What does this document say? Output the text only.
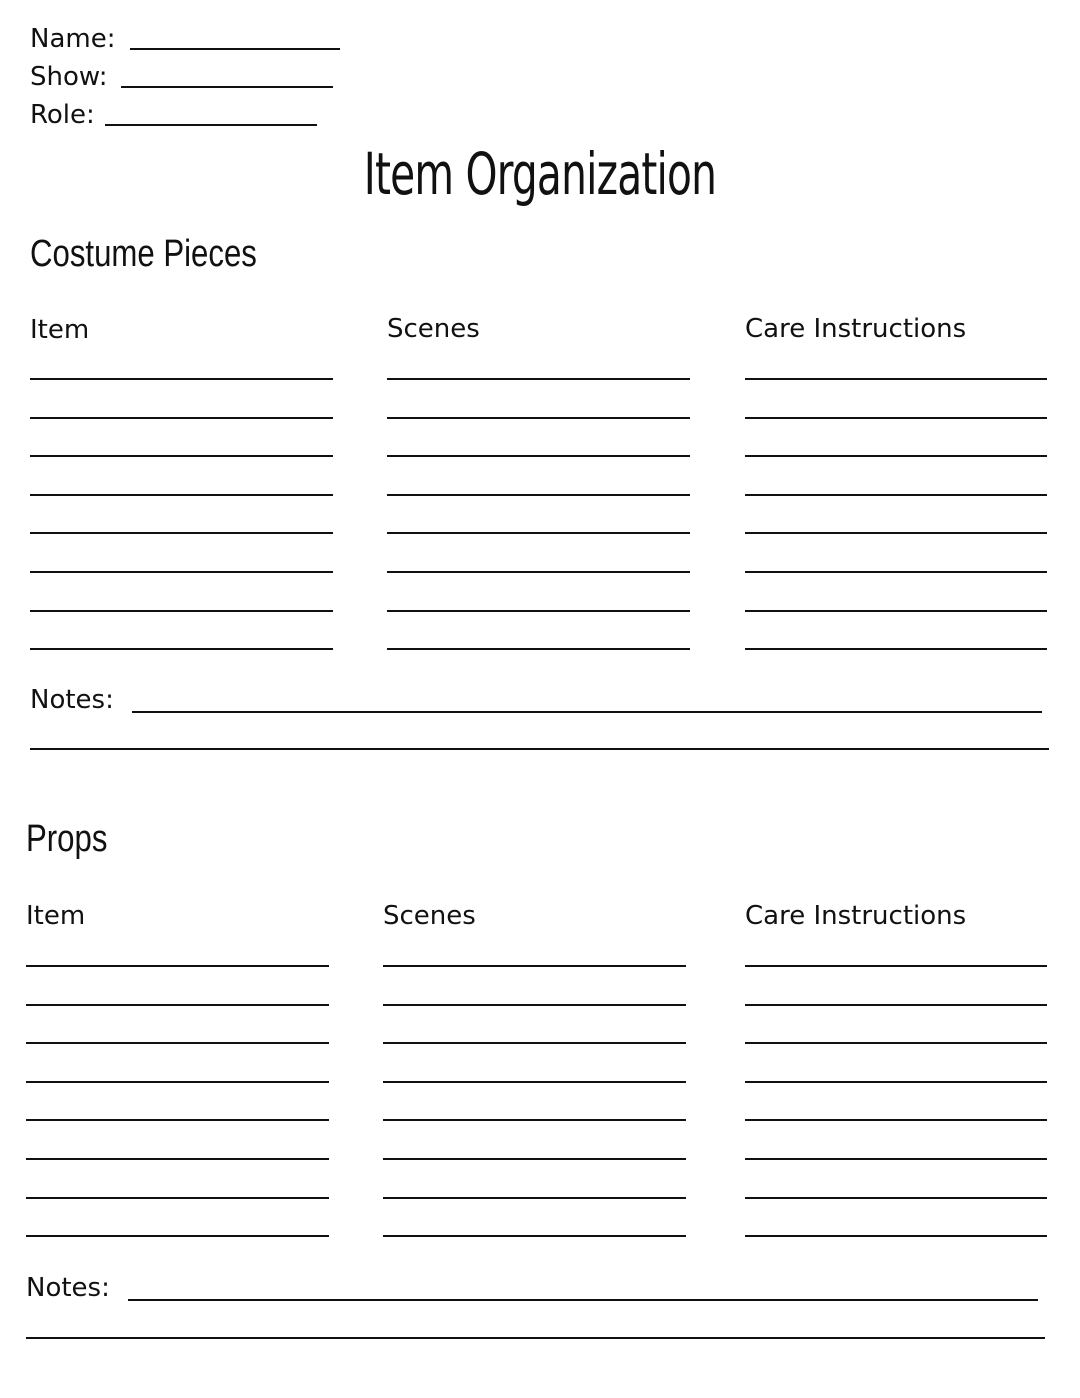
Name:
Show:
Role:
Item Organization
Costume Pieces
Item	Scenes	Care Instructions
Notes:
Props
Item	Scenes	Care Instructions
Notes:
